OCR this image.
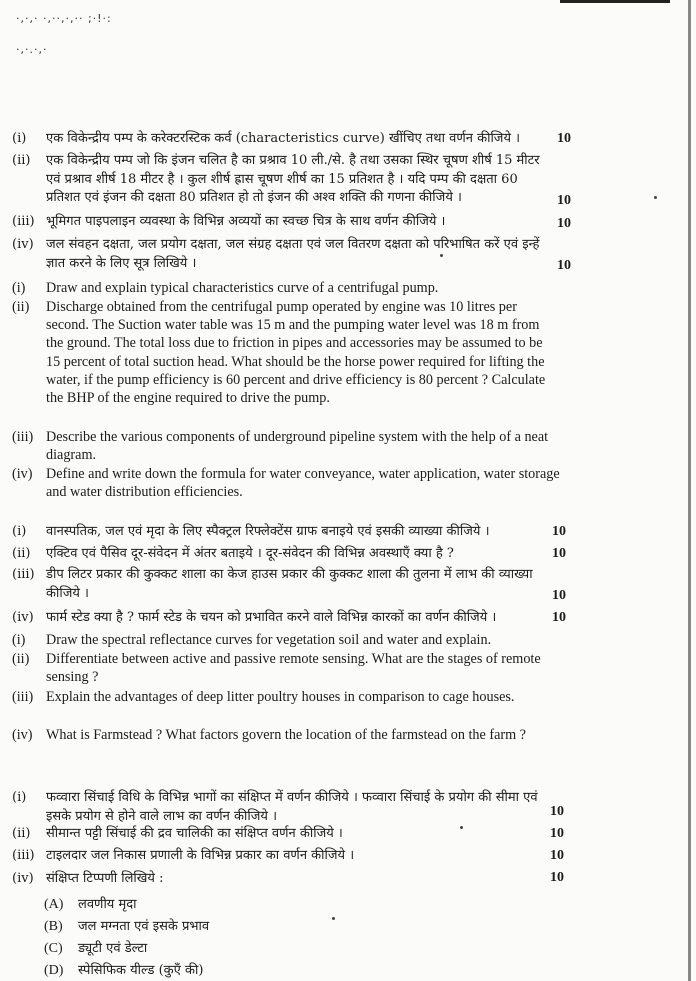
·,·,· ·,··,·,·· ;·!·:
·,·.·,·
(i) एक विकेन्द्रीय पम्प के करेक्टरस्टिक कर्व (characteristics curve) खींचिए तथा वर्णन कीजिये ।	10
(ii) एक विकेन्द्रीय पम्प जो कि इंजन चलित है का प्रश्राव 10 ली./से. है तथा उसका स्थिर चूषण शीर्ष 15 मीटर एवं प्रश्राव शीर्ष 18 मीटर है । कुल शीर्ष ह्रास चूषण शीर्ष का 15 प्रतिशत है । यदि पम्प की दक्षता 60 प्रतिशत एवं इंजन की दक्षता 80 प्रतिशत हो तो इंजन की अश्व शक्ति की गणना कीजिये ।	10
(iii) भूमिगत पाइपलाइन व्यवस्था के विभिन्न अव्ययों का स्वच्छ चित्र के साथ वर्णन कीजिये ।	10
(iv) जल संवहन दक्षता, जल प्रयोग दक्षता, जल संग्रह दक्षता एवं जल वितरण दक्षता को परिभाषित करें एवं इन्हें ज्ञात करने के लिए सूत्र लिखिये ।	10
(i) Draw and explain typical characteristics curve of a centrifugal pump.
(ii) Discharge obtained from the centrifugal pump operated by engine was 10 litres per second. The Suction water table was 15 m and the pumping water level was 18 m from the ground. The total loss due to friction in pipes and accessories may be assumed to be 15 percent of total suction head. What should be the horse power required for lifting the water, if the pump efficiency is 60 percent and drive efficiency is 80 percent ? Calculate the BHP of the engine required to drive the pump.
(iii) Describe the various components of underground pipeline system with the help of a neat diagram.
(iv) Define and write down the formula for water conveyance, water application, water storage and water distribution efficiencies.
(i) वानस्पतिक, जल एवं मृदा के लिए स्पैक्ट्रल रिफ्लेक्टेंस ग्राफ बनाइये एवं इसकी व्याख्या कीजिये ।	10
(ii) एक्टिव एवं पैसिव दूर-संवेदन में अंतर बताइये । दूर-संवेदन की विभिन्न अवस्थाएँ क्या है ?	10
(iii) डीप लिटर प्रकार की कुक्कट शाला का केज हाउस प्रकार की कुक्कट शाला की तुलना में लाभ की व्याख्या कीजिये ।	10
(iv) फार्म स्टेड क्या है ? फार्म स्टेड के चयन को प्रभावित करने वाले विभिन्न कारकों का वर्णन कीजिये ।	10
(i) Draw the spectral reflectance curves for vegetation soil and water and explain.
(ii) Differentiate between active and passive remote sensing. What are the stages of remote sensing ?
(iii) Explain the advantages of deep litter poultry houses in comparison to cage houses.
(iv) What is Farmstead ? What factors govern the location of the farmstead on the farm ?
(i) फव्वारा सिंचाई विधि के विभिन्न भागों का संक्षिप्त में वर्णन कीजिये । फव्वारा सिंचाई के प्रयोग की सीमा एवं इसके प्रयोग से होने वाले लाभ का वर्णन कीजिये ।	10
(ii) सीमान्त पट्टी सिंचाई की द्रव चालिकी का संक्षिप्त वर्णन कीजिये ।	10
(iii) टाइलदार जल निकास प्रणाली के विभिन्न प्रकार का वर्णन कीजिये ।	10
(iv) संक्षिप्त टिप्पणी लिखिये :	10
(A) लवणीय मृदा
(B) जल मग्नता एवं इसके प्रभाव
(C) ड्यूटी एवं डेल्टा
(D) स्पेसिफिक यील्ड (कुएँ की)
